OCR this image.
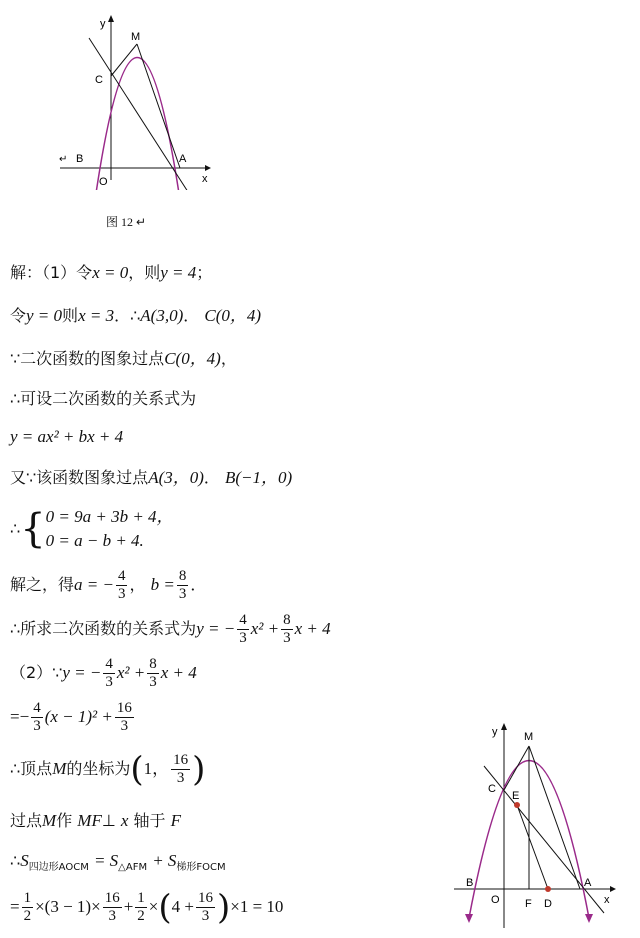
y
M
C
↵ B	A
O	x
图 12 ↵
解：（1）令x = 0，则y = 4；
令y = 0则x = 3．∴A(3,0)． C(0，4)
∵二次函数的图象过点C(0，4)，
∴可设二次函数的关系式为
y = ax² + bx + 4
又∵该函数图象过点A(3，0)． B(−1，0)
∴{ 0 = 9a + 3b + 4，
0 = a − b + 4.
解之，得a = − $\frac{4}{3}$ ， $b = \frac{8}{3}$ ．
∴所求二次函数的关系式为y = − $\frac{4}{3} x^2 + \frac{8}{3}$ x + 4
（2）∵y = − $\frac{4}{3} x^2 + \frac{8}{3}$ x + 4
=− $\frac{4}{3} (x - 1)^2 + \frac{16}{3}$
∴顶点M的坐标为(1， $\frac{16}{3}$ )
过点M作 MF⊥ x 轴于 F
$\therefore S_{四边形AOCM} = S_{\triangle AFM} + S_{梯形FOCM}$
= $\frac{1}{2} \times(3 - 1)\times \frac{16}{3} + \frac{1}{2} \times(4 + \frac{16}{3} )\times 1 = 10$
y M
C
E
B
O F D
A
x
